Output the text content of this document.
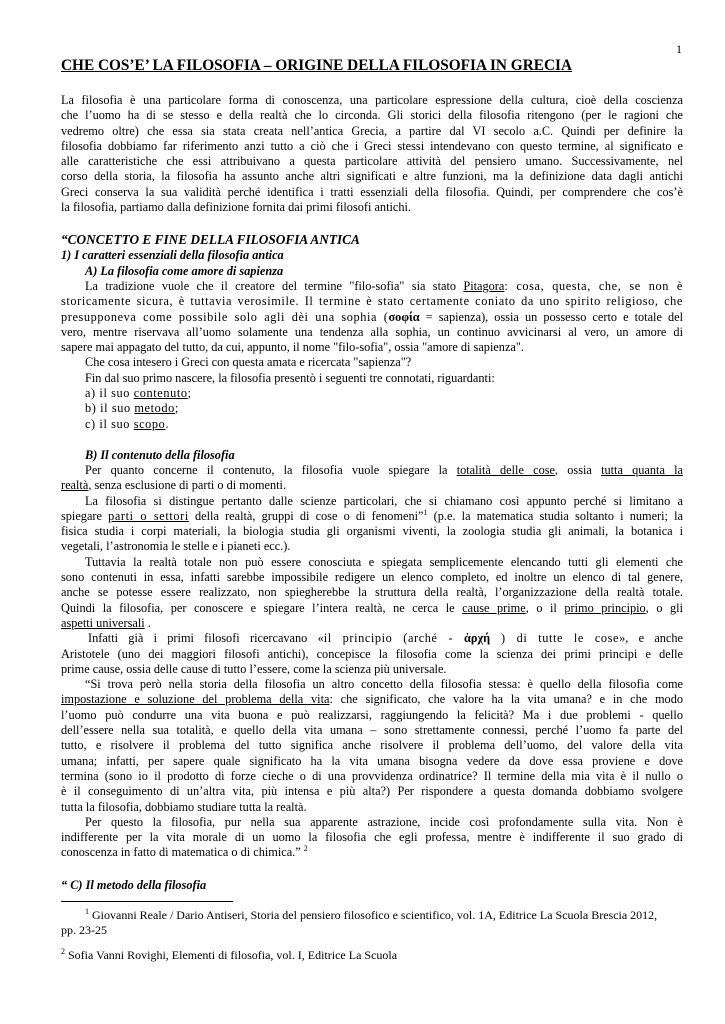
1
CHE COS’E’ LA FILOSOFIA – ORIGINE DELLA FILOSOFIA IN GRECIA
La filosofia è una particolare forma di conoscenza, una particolare espressione della cultura, cioè della coscienza
che l’uomo ha di se stesso e della realtà che lo circonda. Gli storici della filosofia ritengono (per le ragioni che
vedremo oltre) che essa sia stata creata nell’antica Grecia, a partire dal VI secolo a.C. Quindi per definire la
filosofia dobbiamo far riferimento anzi tutto a ciò che i Greci stessi intendevano con questo termine, al significato e
alle caratteristiche che essi attribuivano a questa particolare attività del pensiero umano. Successivamente, nel
corso della storia, la filosofia ha assunto anche altri significati e altre funzioni, ma la definizione data dagli antichi
Greci conserva la sua validità perché identifica i tratti essenziali della filosofia. Quindi, per comprendere che cos’è
la filosofia, partiamo dalla definizione fornita dai primi filosofi antichi.
“CONCETTO E FINE DELLA FILOSOFIA ANTICA
1) I caratteri essenziali della filosofia antica
A) La filosofia come amore di sapienza
La tradizione vuole che il creatore del termine "filo-sofia" sia stato Pitagora: cosa, questa, che, se non è
storicamente sicura, è tuttavia verosimile. Il termine è stato certamente coniato da uno spirito religioso, che
presupponeva come possibile solo agli dèi una sophia (σοφία = sapienza), ossia un possesso certo e totale del
vero, mentre riservava all’uomo solamente una tendenza alla sophia, un continuo avvicinarsi al vero, un amore di
sapere mai appagato del tutto, da cui, appunto, il nome "filo-sofia", ossia "amore di sapienza".
Che cosa intesero i Greci con questa amata e ricercata "sapienza"?
Fin dal suo primo nascere, la filosofia presentò i seguenti tre connotati, riguardanti:
a) il suo contenuto;
b) il suo metodo;
c) il suo scopo.
B) Il contenuto della filosofia
Per quanto concerne il contenuto, la filosofia vuole spiegare la totalità delle cose, ossia tutta quanta la
realtà, senza esclusione di parti o di momenti.
La filosofia si distingue pertanto dalle scienze particolari, che si chiamano così appunto perché si limitano a
spiegare parti o settori della realtà, gruppi di cose o di fenomeni”$^1$ (p.e. la matematica studia soltanto i numeri; la
fisica studia i corpi materiali, la biologia studia gli organismi viventi, la zoologia studia gli animali, la botanica i
vegetali, l’astronomia le stelle e i pianeti ecc.).
Tuttavia la realtà totale non può essere conosciuta e spiegata semplicemente elencando tutti gli elementi che
sono contenuti in essa, infatti sarebbe impossibile redigere un elenco completo, ed inoltre un elenco di tal genere,
anche se potesse essere realizzato, non spiegherebbe la struttura della realtà, l’organizzazione della realtà totale.
Quindi la filosofia, per conoscere e spiegare l’intera realtà, ne cerca le cause prime, o il primo principio, o gli
aspetti universali .
Infatti già i primi filosofi ricercavano «il principio (arché - ἀρχή ) di tutte le cose», e anche
Aristotele (uno dei maggiori filosofi antichi), concepisce la filosofia come la scienza dei primi principi e delle
prime cause, ossia delle cause di tutto l’essere, come la scienza più universale.
“Si trova però nella storia della filosofia un altro concetto della filosofia stessa: è quello della filosofia come
impostazione e soluzione del problema della vita: che significato, che valore ha la vita umana? e in che modo
l’uomo può condurre una vita buona e può realizzarsi, raggiungendo la felicità? Ma i due problemi - quello
dell’essere nella sua totalità, e quello della vita umana – sono strettamente connessi, perché l’uomo fa parte del
tutto, e risolvere il problema del tutto significa anche risolvere il problema dell’uomo, del valore della vita
umana; infatti, per sapere quale significato ha la vita umana bisogna vedere da dove essa proviene e dove
termina (sono io il prodotto di forze cieche o di una provvidenza ordinatrice? Il termine della mia vita è il nullo o
è il conseguimento di un’altra vita, più intensa e più alta?) Per rispondere a questa domanda dobbiamo svolgere
tutta la filosofia, dobbiamo studiare tutta la realtà.
Per questo la filosofia, pur nella sua apparente astrazione, incide così profondamente sulla vita. Non è
indifferente per la vita morale di un uomo la filosofia che egli professa, mentre è indifferente il suo grado di
conoscenza in fatto di matematica o di chimica.” $^2$
“ C) Il metodo della filosofia
$^1$ Giovanni Reale / Dario Antiseri, Storia del pensiero filosofico e scientifico, vol. 1A, Editrice La Scuola Brescia 2012,
pp. 23-25
$^2$ Sofia Vanni Rovighi, Elementi di filosofia, vol. I, Editrice La Scuola
